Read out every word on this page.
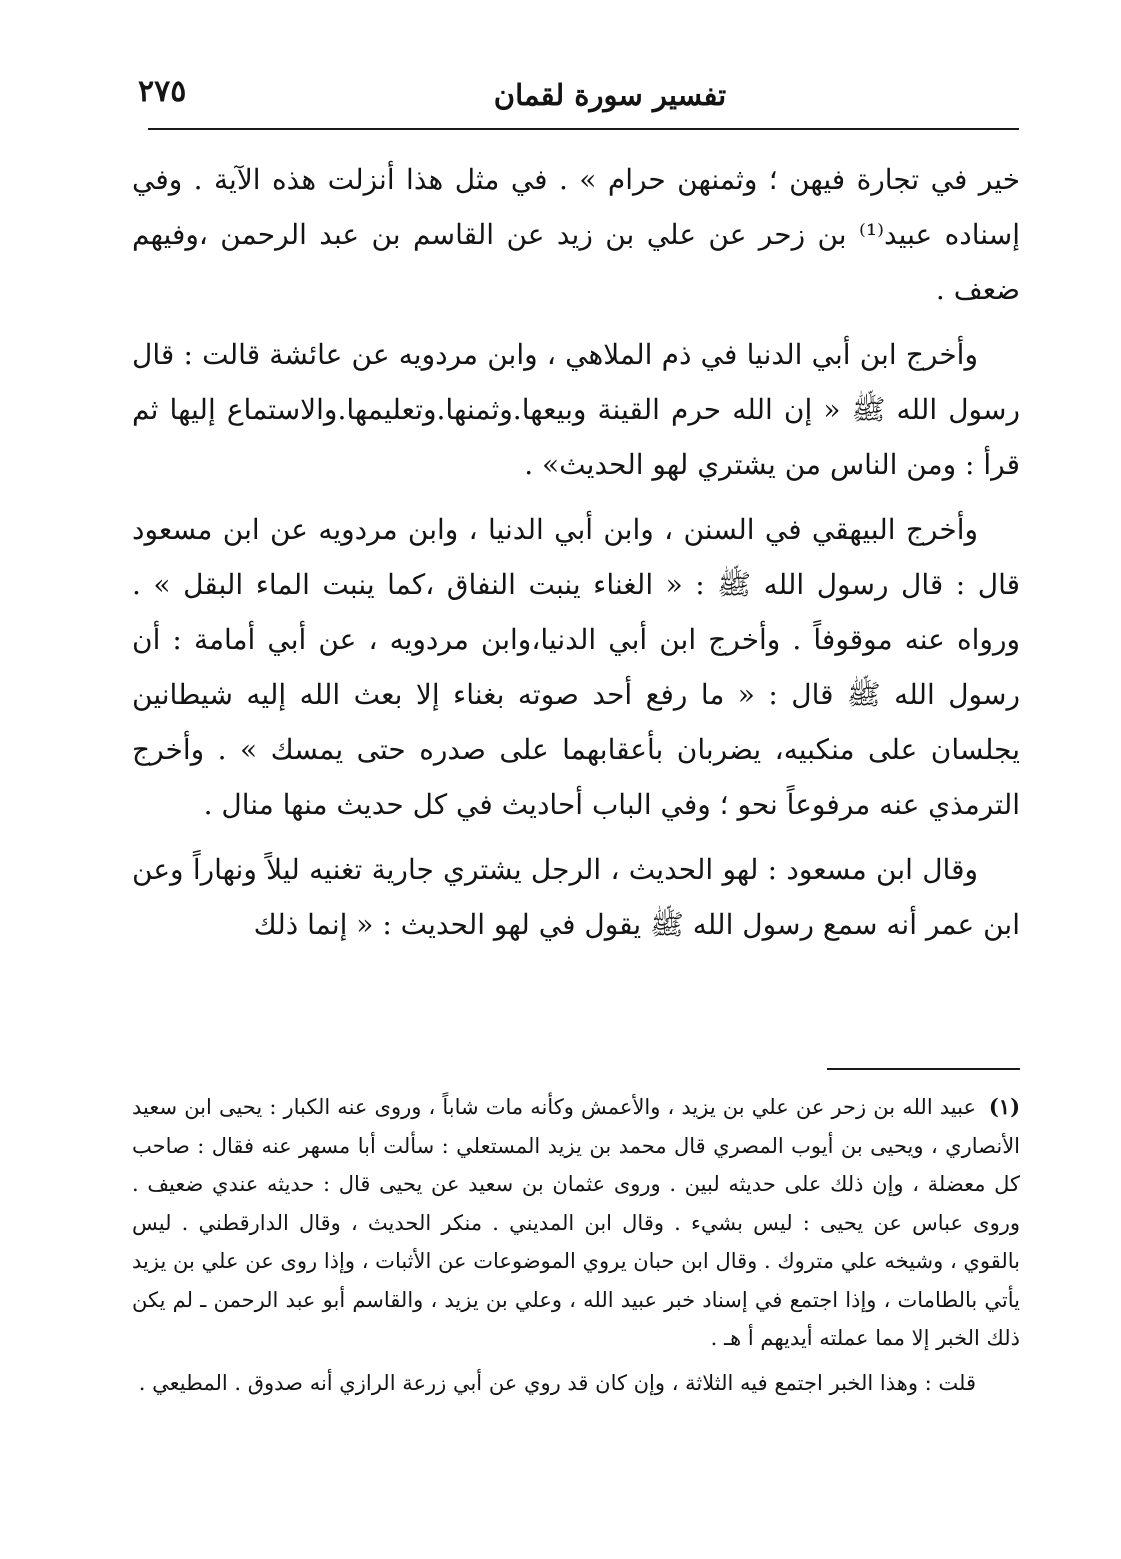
٢٧٥	تفسير سورة لقمان

خير في تجارة فيهن ؛ وثمنهن حرام » . في مثل هذا أنزلت هذه الآية . وفي إسناده عبيد⁽¹⁾ بن زحر عن علي بن زيد عن القاسم بن عبد الرحمن ،وفيهم ضعف .

وأخرج ابن أبي الدنيا في ذم الملاهي ، وابن مردويه عن عائشة قالت : قال رسول الله ﷺ « إن الله حرم القينة وبيعها.وثمنها.وتعليمها.والاستماع إليها ثم قرأ : ومن الناس من يشتري لهو الحديث» .

وأخرج البيهقي في السنن ، وابن أبي الدنيا ، وابن مردويه عن ابن مسعود قال : قال رسول الله ﷺ : « الغناء ينبت النفاق ،كما ينبت الماء البقل » . ورواه عنه موقوفاً . وأخرج ابن أبي الدنيا،وابن مردويه ، عن أبي أمامة : أن رسول الله ﷺ قال : « ما رفع أحد صوته بغناء إلا بعث الله إليه شيطانين يجلسان على منكبيه، يضربان بأعقابهما على صدره حتى يمسك » . وأخرج الترمذي عنه مرفوعاً نحو ؛ وفي الباب أحاديث في كل حديث منها منال .

وقال ابن مسعود : لهو الحديث ، الرجل يشتري جارية تغنيه ليلاً ونهاراً وعن ابن عمر أنه سمع رسول الله ﷺ يقول في لهو الحديث : « إنما ذلك

(١)عبيد الله بن زحر عن علي بن يزيد ، والأعمش وكأنه مات شاباً ، وروى عنه الكبار : يحيى ابن سعيد الأنصاري ، ويحيى بن أيوب المصري قال محمد بن يزيد المستعلي : سألت أبا مسهر عنه فقال : صاحب كل معضلة ، وإن ذلك على حديثه لبين . وروى عثمان بن سعيد عن يحيى قال : حديثه عندي ضعيف . وروى عباس عن يحيى : ليس بشيء . وقال ابن المديني . منكر الحديث ، وقال الدارقطني . ليس بالقوي ، وشيخه علي متروك . وقال ابن حبان يروي الموضوعات عن الأثبات ، وإذا روى عن علي بن يزيد يأتي بالطامات ، وإذا اجتمع في إسناد خبر عبيد الله ، وعلي بن يزيد ، والقاسم أبو عبد الرحمن ـ لم يكن ذلك الخبر إلا مما عملته أيديهم أ هـ .

قلت : وهذا الخبر اجتمع فيه الثلاثة ، وإن كان قد روي عن أبي زرعة الرازي أنه صدوق . المطيعي .
